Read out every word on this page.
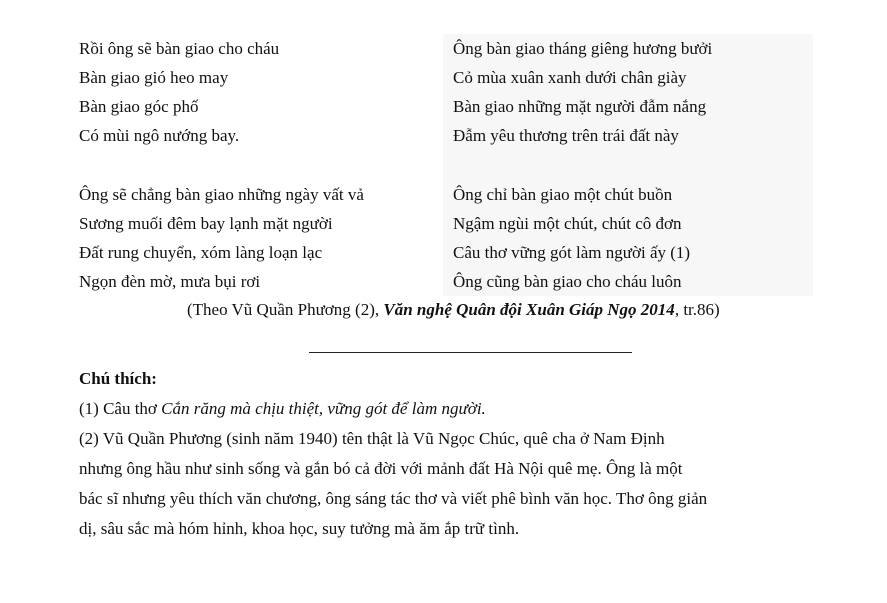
Rồi ông sẽ bàn giao cho cháu
Bàn giao gió heo may
Bàn giao góc phố
Có mùi ngô nướng bay.
Ông sẽ chẳng bàn giao những ngày vất vả
Sương muối đêm bay lạnh mặt người
Đất rung chuyển, xóm làng loạn lạc
Ngọn đèn mờ, mưa bụi rơi
Ông bàn giao tháng giêng hương bưởi
Cỏ mùa xuân xanh dưới chân giày
Bàn giao những mặt người đẫm nắng
Đẫm yêu thương trên trái đất này
Ông chỉ bàn giao một chút buồn
Ngậm ngùi một chút, chút cô đơn
Câu thơ vững gót làm người ấy (1)
Ông cũng bàn giao cho cháu luôn
(Theo Vũ Quần Phương (2), Văn nghệ Quân đội Xuân Giáp Ngọ 2014, tr.86)
Chú thích:
(1) Câu thơ Cắn răng mà chịu thiệt, vững gót để làm người.
(2) Vũ Quần Phương (sinh năm 1940) tên thật là Vũ Ngọc Chúc, quê cha ở Nam Định
nhưng ông hầu như sinh sống và gắn bó cả đời với mảnh đất Hà Nội quê mẹ. Ông là một
bác sĩ nhưng yêu thích văn chương, ông sáng tác thơ và viết phê bình văn học. Thơ ông giản
dị, sâu sắc mà hóm hỉnh, khoa học, suy tưởng mà ăm ắp trữ tình.
